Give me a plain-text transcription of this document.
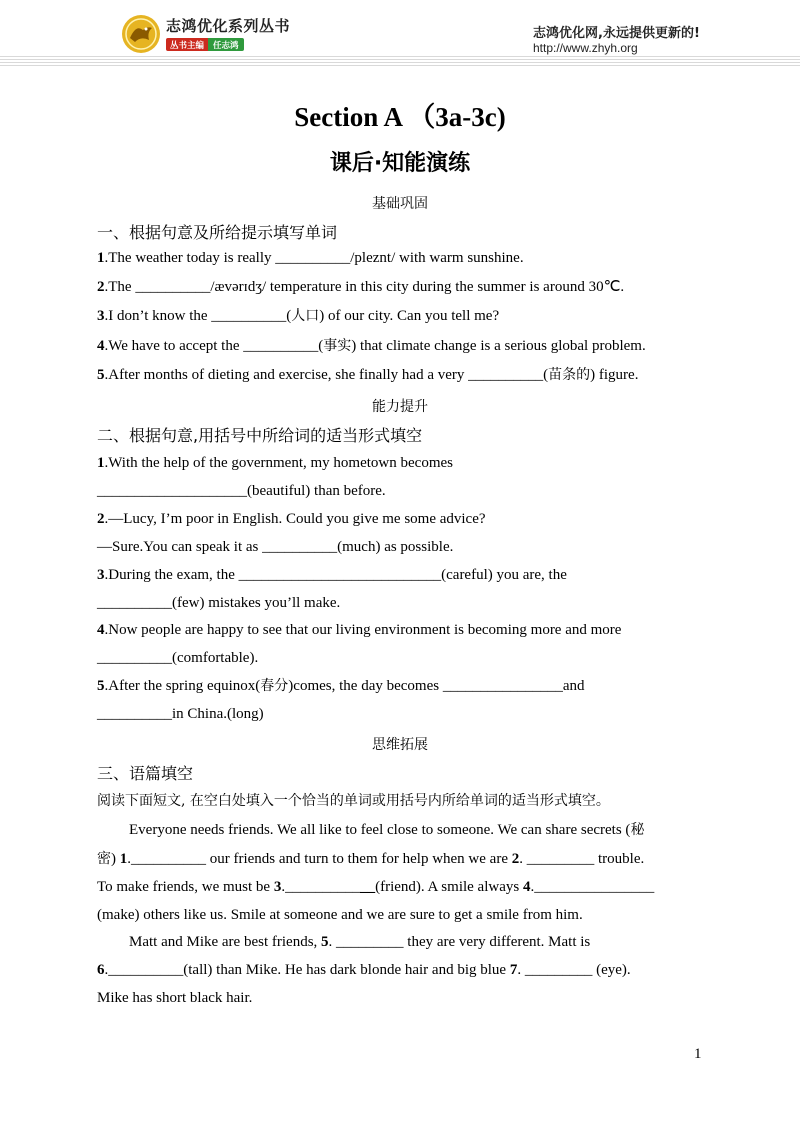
志鸿优化系列丛书
丛书主编	任志鸿
志鸿优化网,永远提供更新的!
http://www.zhyh.org
Section A （3a-3c)
课后·知能演练
基础巩固
一、根据句意及所给提示填写单词
1.The weather today is really __________/pleznt/ with warm sunshine.
2.The __________/ævərɪdʒ/ temperature in this city during the summer is around 30℃.
3.I don’t know the __________(人口) of our city. Can you tell me?
4.We have to accept the __________(事实) that climate change is a serious global problem.
5.After months of dieting and exercise, she finally had a very __________(苗条的) figure.
能力提升
二、根据句意,用括号中所给词的适当形式填空
1.With the help of the government, my hometown becomes
____________________(beautiful) than before.
2.—Lucy, I’m poor in English. Could you give me some advice?
—Sure.You can speak it as __________(much) as possible.
3.During the exam, the ___________________________(careful) you are, the
__________(few) mistakes you’ll make.
4.Now people are happy to see that our living environment is becoming more and more
__________(comfortable).
5.After the spring equinox(春分)comes, the day becomes ________________and
__________in China.(long)
思维拓展
三、语篇填空
阅读下面短文, 在空白处填入一个恰当的单词或用括号内所给单词的适当形式填空。
Everyone needs friends. We all like to feel close to someone. We can share secrets (秘
密) 1.__________ our friends and turn to them for help when we are 2. _________ trouble.
To make friends, we must be 3.____________(friend). A smile always 4.________________
(make) others like us. Smile at someone and we are sure to get a smile from him.
Matt and Mike are best friends, 5. _________ they are very different. Matt is
6.__________(tall) than Mike. He has dark blonde hair and big blue 7. _________ (eye).
Mike has short black hair.
1
